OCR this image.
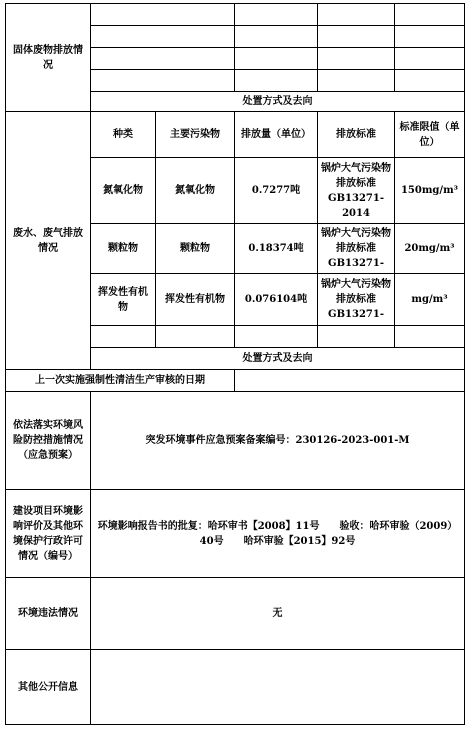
固体废物排放情况					

	处置方式及去向				
废水、废气排放情况	种类	主要污染物	排放量（单位）	排放标准	标准限值（单位）
	氮氧化物	氮氧化物	0.7277吨	锅炉大气污染物排放标准GB13271-2014	150mg/m³
	颗粒物	颗粒物	0.18374吨	锅炉大气污染物排放标准GB13271-	20mg/m³
	挥发性有机物	挥发性有机物	0.076104吨	锅炉大气污染物排放标准GB13271-	mg/m³

	处置方式及去向				
上一次实施强制性清洁生产审核的日期					
依法落实环境风险防控措施情况（应急预案）	突发环境事件应急预案备案编号：230126-2023-001-M				
建设项目环境影响评价及其他环境保护行政许可情况（编号）	环境影响报告书的批复：哈环审书【2008】11号　　验收：哈环审验（2009）40号　　哈环审验【2015】92号				
环境违法情况	无				
其他公开信息					
